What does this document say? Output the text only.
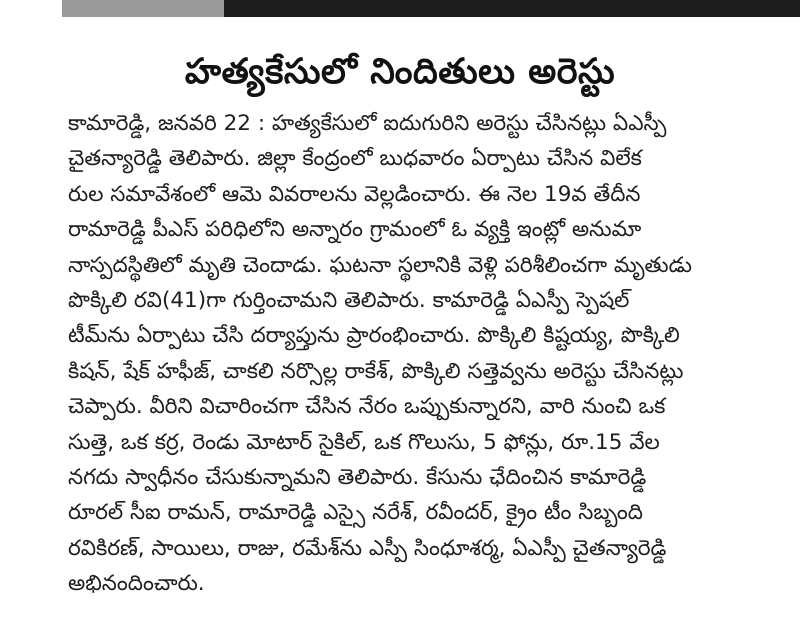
హత్యకేసులో నిందితులు అరెస్టు
కామారెడ్డి, జనవరి 22 : హత్యకేసులో ఐదుగురిని అరెస్టు చేసినట్లు ఏఎస్పీ
చైతన్యారెడ్డి తెలిపారు. జిల్లా కేంద్రంలో బుధవారం ఏర్పాటు చేసిన విలేక
రుల సమావేశంలో ఆమె వివరాలను వెల్లడించారు. ఈ నెల 19వ తేదీన
రామారెడ్డి పీఎస్ పరిధిలోని అన్నారం గ్రామంలో ఓ వ్యక్తి ఇంట్లో అనుమా
నాస్పదస్థితిలో మృతి చెందాడు. ఘటనా స్థలానికి వెళ్లి పరిశీలించగా మృతుడు
పొక్కిలి రవి(41)గా గుర్తించామని తెలిపారు. కామారెడ్డి ఏఎస్పీ స్పెషల్
టీమ్‌ను ఏర్పాటు చేసి దర్యాప్తును ప్రారంభించారు. పొక్కిలి కిష్టయ్య, పొక్కిలి
కిషన్, షేక్ హఫీజ్, చాకలి నర్సొల్ల రాకేశ్, పొక్కిలి సత్తెవ్వను అరెస్టు చేసినట్లు
చెప్పారు. వీరిని విచారించగా చేసిన నేరం ఒప్పుకున్నారని, వారి నుంచి ఒక
సుత్తె, ఒక కర్ర, రెండు మోటార్ సైకిల్, ఒక గొలుసు, 5 ఫోన్లు, రూ.15 వేల
నగదు స్వాధీనం చేసుకున్నామని తెలిపారు. కేసును ఛేదించిన కామారెడ్డి
రూరల్ సీఐ రామన్, రామారెడ్డి ఎస్సై నరేశ్, రవీందర్, క్రైం టీం సిబ్బంది
రవికిరణ్, సాయిలు, రాజు, రమేశ్‌ను ఎస్పీ సింధూశర్మ, ఏఎస్పీ చైతన్యారెడ్డి
అభినందించారు.
